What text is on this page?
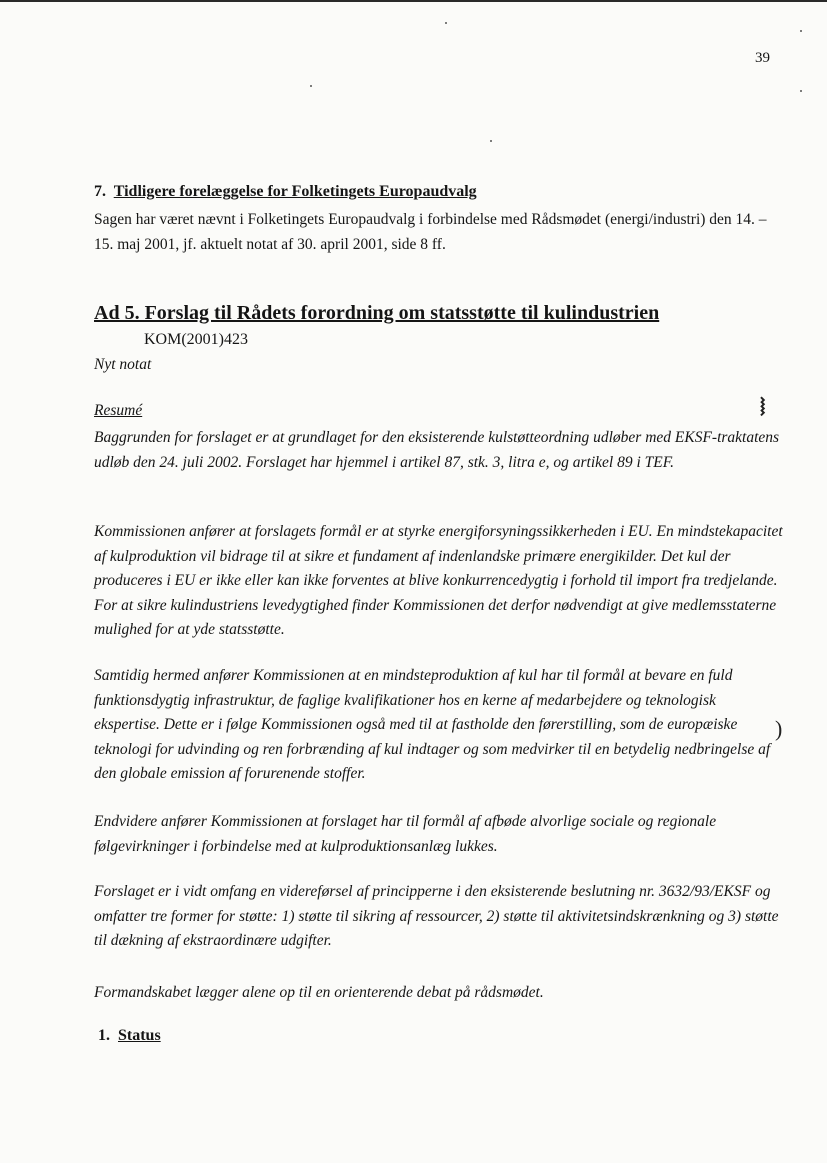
39
7. Tidligere forelæggelse for Folketingets Europaudvalg
Sagen har været nævnt i Folketingets Europaudvalg i forbindelse med Rådsmødet (energi/industri) den 14. – 15. maj 2001, jf. aktuelt notat af 30. april 2001, side 8 ff.
Ad 5. Forslag til Rådets forordning om statsstøtte til kulindustrien
KOM(2001)423
Nyt notat
Resumé
Baggrunden for forslaget er at grundlaget for den eksisterende kulstøtteordning udløber med EKSF-traktatens udløb den 24. juli 2002. Forslaget har hjemmel i artikel 87, stk. 3, litra e, og artikel 89 i TEF.
Kommissionen anfører at forslagets formål er at styrke energiforsyningssikkerheden i EU. En mindstekapacitet af kulproduktion vil bidrage til at sikre et fundament af indenlandske primære energikilder. Det kul der produceres i EU er ikke eller kan ikke forventes at blive konkurrencedygtig i forhold til import fra tredjelande. For at sikre kulindustriens levedygtighed finder Kommissionen det derfor nødvendigt at give medlemsstaterne mulighed for at yde statsstøtte.
Samtidig hermed anfører Kommissionen at en mindsteproduktion af kul har til formål at bevare en fuld funktionsdygtig infrastruktur, de faglige kvalifikationer hos en kerne af medarbejdere og teknologisk ekspertise. Dette er i følge Kommissionen også med til at fastholde den førerstilling, som de europæiske teknologi for udvinding og ren forbrænding af kul indtager og som medvirker til en betydelig nedbringelse af den globale emission af forurenende stoffer.
Endvidere anfører Kommissionen at forslaget har til formål af afbøde alvorlige sociale og regionale følgevirkninger i forbindelse med at kulproduktionsanlæg lukkes.
Forslaget er i vidt omfang en videreførsel af principperne i den eksisterende beslutning nr. 3632/93/EKSF og omfatter tre former for støtte: 1) støtte til sikring af ressourcer, 2) støtte til aktivitetsindskrænkning og 3) støtte til dækning af ekstraordinære udgifter.
Formandskabet lægger alene op til en orienterende debat på rådsmødet.
1. Status
⧘
)
